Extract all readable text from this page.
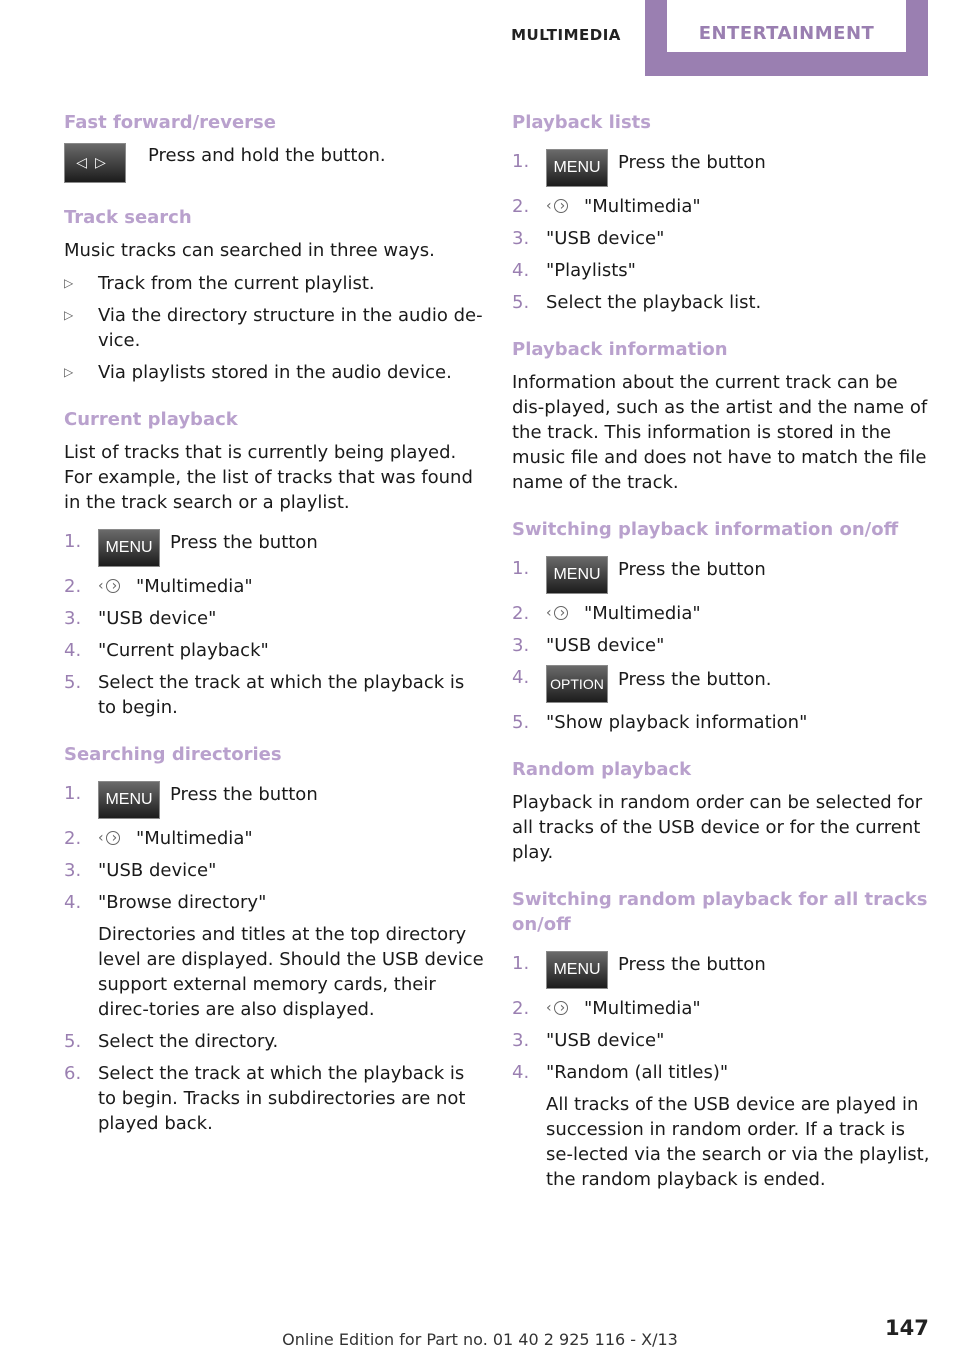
MULTIMEDIA	ENTERTAINMENT
Fast forward/reverse
◁▷	Press and hold the button.
Track search

Music tracks can searched in three ways.

▷ Track from the current playlist.
▷ Via the directory structure in the audio de-vice.
▷ Via playlists stored in the audio device.
Current playback

List of tracks that is currently being played. For example, the list of tracks that was found in the track search or a playlist.

1. MENU Press the button
2. ‹›	"Multimedia"
3. "USB device"
4. "Current playback"
5. Select the track at which the playback is to begin.
Searching directories
1. MENU Press the button
2. ‹›	"Multimedia"
3. "USB device"
4. "Browse directory"
Directories and titles at the top directory level are displayed. Should the USB device support external memory cards, their direc-tories are also displayed.
5. Select the directory.
6. Select the track at which the playback is to begin. Tracks in subdirectories are not played back.
Playback lists
1. MENU Press the button
2. ‹›	"Multimedia"
3. "USB device"
4. "Playlists"
5. Select the playback list.
Playback information

Information about the current track can be dis-played, such as the artist and the name of the track. This information is stored in the music file and does not have to match the file name of the track.

Switching playback information on/off
1. MENU Press the button
2. ‹›	"Multimedia"
3. "USB device"
4. OPTION Press the button.
5. "Show playback information"
Random playback

Playback in random order can be selected for all tracks of the USB device or for the current play.

Switching random playback for all tracks on/off
1. MENU Press the button
2. ‹›	"Multimedia"
3. "USB device"
4. "Random (all titles)"
All tracks of the USB device are played in succession in random order. If a track is se-lected via the search or via the playlist, the random playback is ended.
Online Edition for Part no. 01 40 2 925 116 - X/13	147
